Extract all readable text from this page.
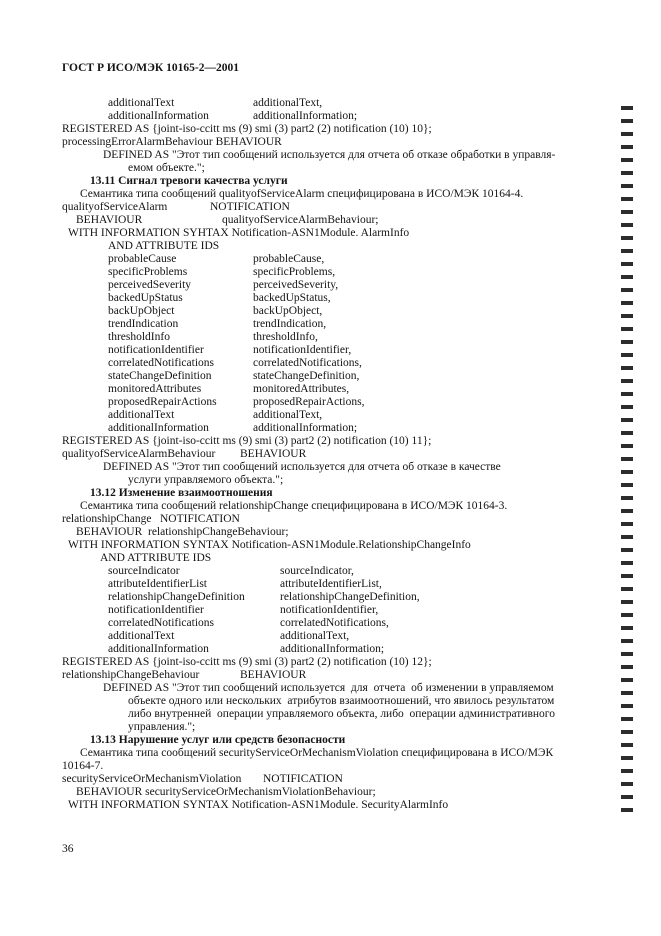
ГОСТ Р ИСО/МЭК 10165-2—2001
additionalText	additionalText,
additionalInformation	additionalInformation;
REGISTERED AS {joint-iso-ccitt ms (9) smi (3) part2 (2) notification (10) 10};
processingErrorAlarmBehaviour BEHAVIOUR
DEFINED AS "Этот тип сообщений используется для отчета об отказе обработки в управля-
емом объекте.";
13.11 Сигнал тревоги качества услуги
Семантика типа сообщений qualityofServiceAlarm специфицирована в ИСО/МЭК 10164-4.
qualityofServiceAlarm	NOTIFICATION
BEHAVIOUR	qualityofServiceAlarmBehaviour;
WITH INFORMATION SYHTAX Notification-ASN1Module. AlarmInfo
AND ATTRIBUTE IDS
probableCause	probableCause,
specificProblems	specificProblems,
perceivedSeverity	perceivedSeverity,
backedUpStatus	backedUpStatus,
backUpObject	backUpObject,
trendIndication	trendIndication,
thresholdInfo	thresholdInfo,
notificationIdentifier	notificationIdentifier,
correlatedNotifications	correlatedNotifications,
stateChangeDefinition	stateChangeDefinition,
monitoredAttributes	monitoredAttributes,
proposedRepairActions	proposedRepairActions,
additionalText	additionalText,
additionalInformation	additionalInformation;
REGISTERED AS {joint-iso-ccitt ms (9) smi (3) part2 (2) notification (10) 11};
qualityofServiceAlarmBehaviour BEHAVIOUR
DEFINED AS "Этот тип сообщений используется для отчета об отказе в качестве
услуги управляемого объекта.";
13.12 Изменение взаимоотношения
Семантика типа сообщений relationshipChange специфицирована в ИСО/МЭК 10164-3.
relationshipChange NOTIFICATION
BEHAVIOUR relationshipChangeBehaviour;
WITH INFORMATION SYNTAX Notification-ASN1Module.RelationshipChangeInfo
AND ATTRIBUTE IDS
sourceIndicator	sourceIndicator,
attributeIdentifierList	attributeIdentifierList,
relationshipChangeDefinition	relationshipChangeDefinition,
notificationIdentifier	notificationIdentifier,
correlatedNotifications	correlatedNotifications,
additionalText	additionalText,
additionalInformation	additionalInformation;
REGISTERED AS {joint-iso-ccitt ms (9) smi (3) part2 (2) notification (10) 12};
relationshipChangeBehaviour	BEHAVIOUR
DEFINED AS "Этот тип сообщений используется  для  отчета  об изменении в управляемом
объекте одного или нескольких  атрибутов взаимоотношений, что явилось результатом
либо внутренней  операции управляемого объекта, либо  операции административного
управления.";
13.13 Нарушение услуг или средств безопасности
Семантика типа сообщений securityServiceOrMechanismViolation специфицирована в ИСО/МЭК
10164-7.
securityServiceOrMechanismViolation NOTIFICATION
BEHAVIOUR securityServiceOrMechanismViolationBehaviour;
WITH INFORMATION SYNTAX Notification-ASN1Module. SecurityAlarmInfo
36
